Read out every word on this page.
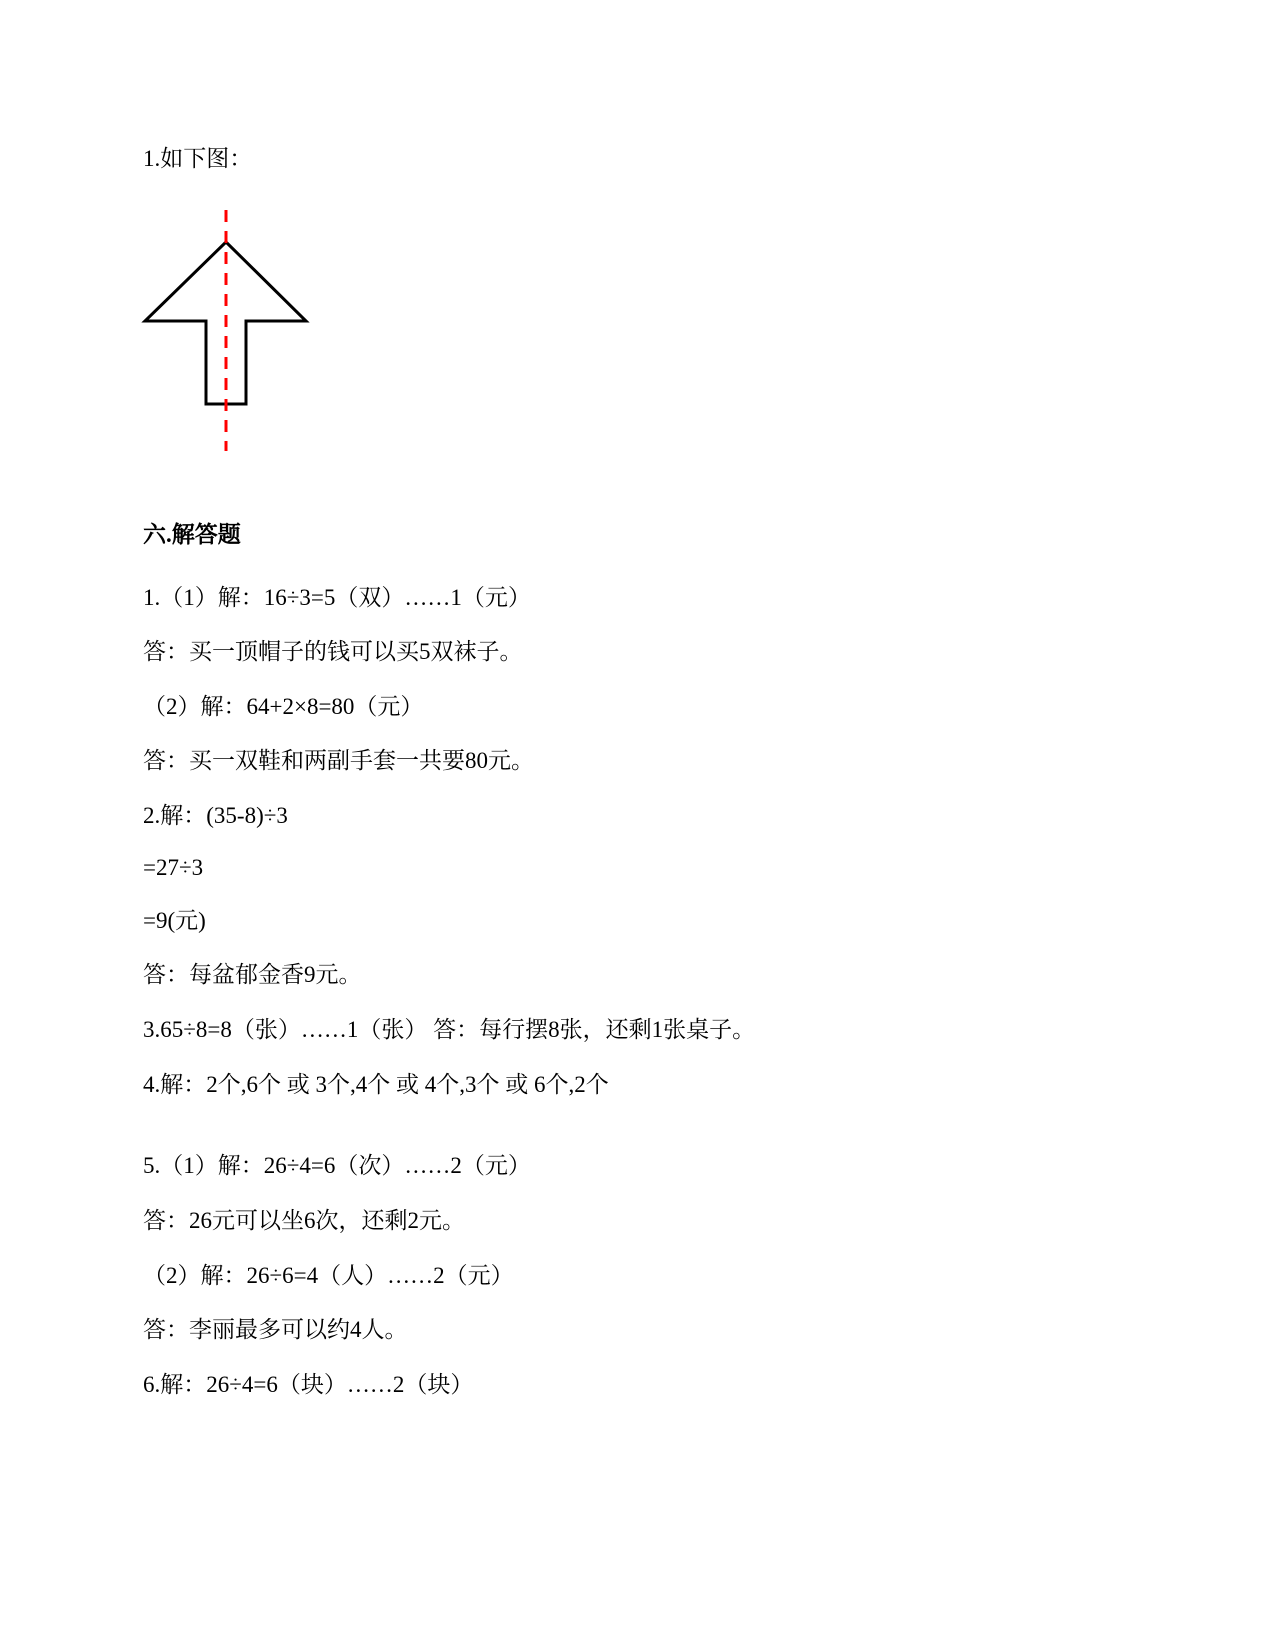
1.如下图：
六.解答题
1.（1）解：16÷3=5（双）……1（元）
答：买一顶帽子的钱可以买5双袜子。
（2）解：64+2×8=80（元）
答：买一双鞋和两副手套一共要80元。
2.解：(35-8)÷3
=27÷3
=9(元)
答：每盆郁金香9元。
3.65÷8=8（张）……1（张） 答：每行摆8张，还剩1张桌子。
4.解：2个,6个 或 3个,4个 或 4个,3个 或 6个,2个
5.（1）解：26÷4=6（次）……2（元）
答：26元可以坐6次，还剩2元。
（2）解：26÷6=4（人）……2（元）
答：李丽最多可以约4人。
6.解：26÷4=6（块）……2（块）
